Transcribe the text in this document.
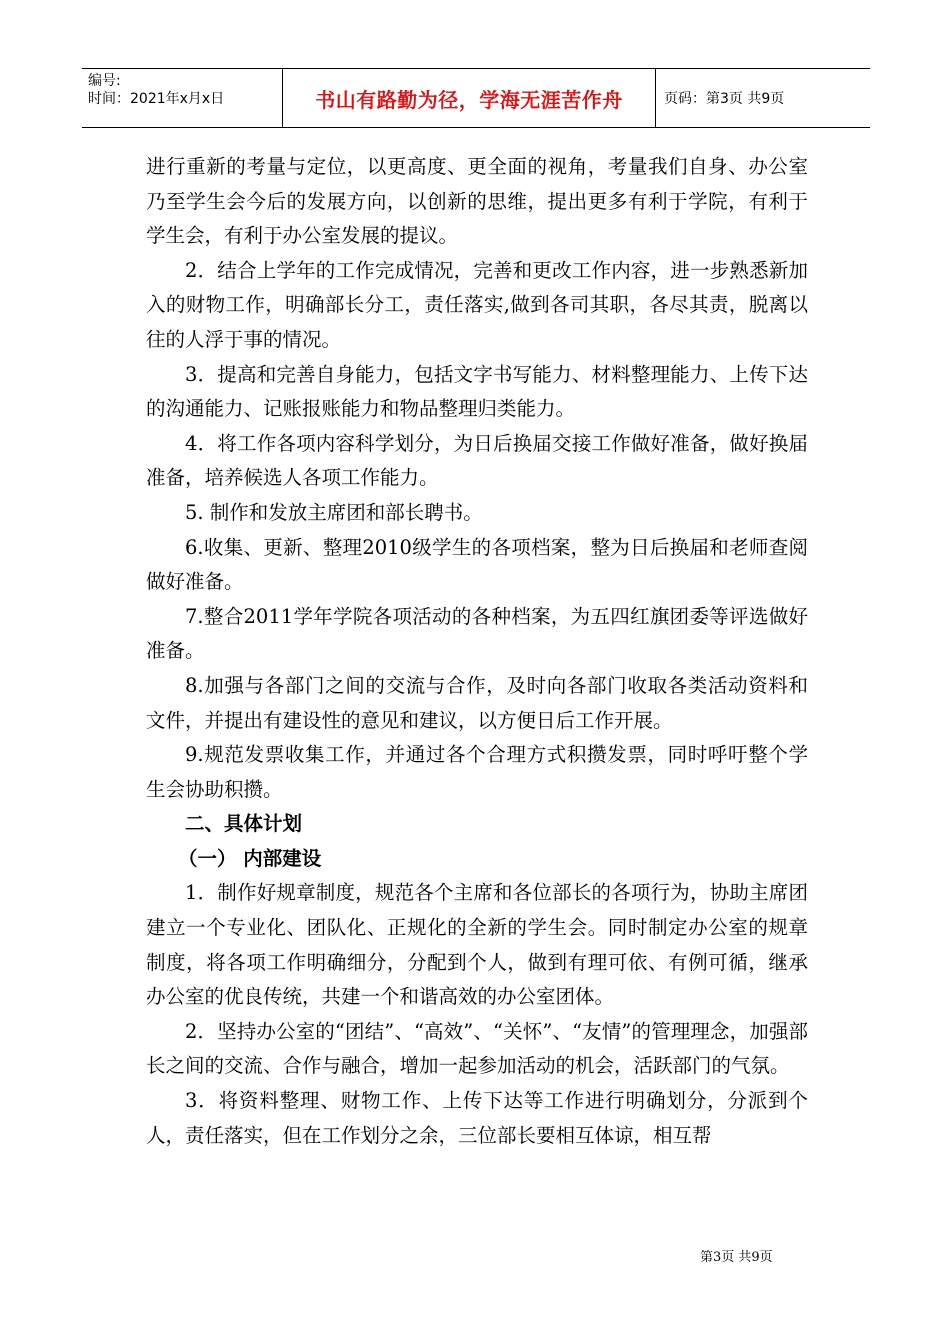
编号:
时间：2021年x月x日	书山有路勤为径，学海无涯苦作舟	页码：第3页 共9页

进行重新的考量与定位，以更高度、更全面的视角，考量我们自身、办公室乃至学生会今后的发展方向，以创新的思维，提出更多有利于学院，有利于学生会，有利于办公室发展的提议。

2．结合上学年的工作完成情况，完善和更改工作内容，进一步熟悉新加入的财物工作，明确部长分工，责任落实,做到各司其职，各尽其责，脱离以往的人浮于事的情况。

3．提高和完善自身能力，包括文字书写能力、材料整理能力、上传下达的沟通能力、记账报账能力和物品整理归类能力。

4．将工作各项内容科学划分，为日后换届交接工作做好准备，做好换届准备，培养候选人各项工作能力。

5. 制作和发放主席团和部长聘书。

6.收集、更新、整理2010级学生的各项档案，整为日后换届和老师查阅做好准备。

7.整合2011学年学院各项活动的各种档案，为五四红旗团委等评选做好准备。

8.加强与各部门之间的交流与合作，及时向各部门收取各类活动资料和文件，并提出有建设性的意见和建议，以方便日后工作开展。

9.规范发票收集工作，并通过各个合理方式积攒发票，同时呼吁整个学生会协助积攒。

二、具体计划

（一） 内部建设

1．制作好规章制度，规范各个主席和各位部长的各项行为，协助主席团建立一个专业化、团队化、正规化的全新的学生会。同时制定办公室的规章制度，将各项工作明确细分，分配到个人，做到有理可依、有例可循，继承办公室的优良传统，共建一个和谐高效的办公室团体。

2．坚持办公室的“团结”、“高效”、“关怀”、“友情”的管理理念，加强部长之间的交流、合作与融合，增加一起参加活动的机会，活跃部门的气氛。

3．将资料整理、财物工作、上传下达等工作进行明确划分，分派到个人，责任落实，但在工作划分之余，三位部长要相互体谅，相互帮

第3页 共9页
